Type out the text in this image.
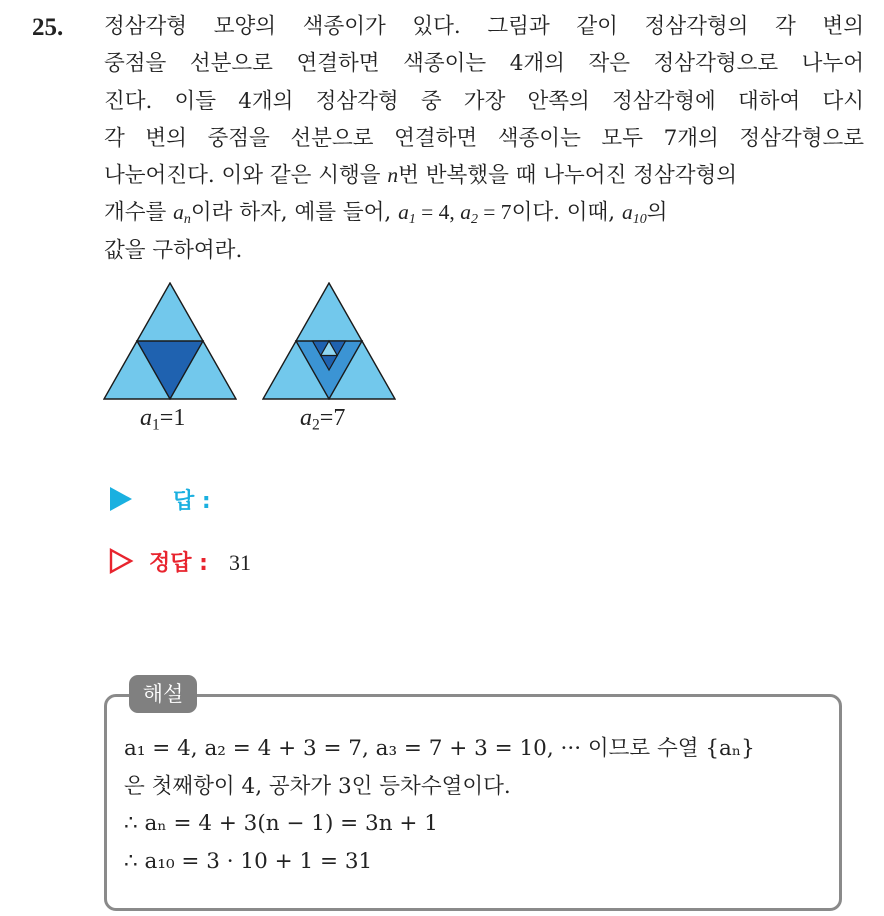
25. 정삼각형 모양의 색종이가 있다. 그림과 같이 정삼각형의 각 변의
중점을 선분으로 연결하면 색종이는 4개의 작은 정삼각형으로 나누어
진다. 이들 4개의 정삼각형 중 가장 안쪽의 정삼각형에 대하여 다시
각 변의 중점을 선분으로 연결하면 색종이는 모두 7개의 정삼각형으로
나눈어진다. 이와 같은 시행을 n번 반복했을 때 나누어진 정삼각형의
개수를 $a_n$이라 하자, 예를 들어, $a_1 = 4$, $a_2 = 7$이다. 이때, $a_{10}$의
값을 구하여라.
$a_1=1$	$a_2=7$
답 :
정답 : 31
해설
a₁ = 4, a₂ = 4 + 3 = 7, a₃ = 7 + 3 = 10, ··· 이므로 수열 {aₙ}
은 첫째항이 4, 공차가 3인 등차수열이다.
∴ aₙ = 4 + 3(n − 1) = 3n + 1
∴ a₁₀ = 3 · 10 + 1 = 31
